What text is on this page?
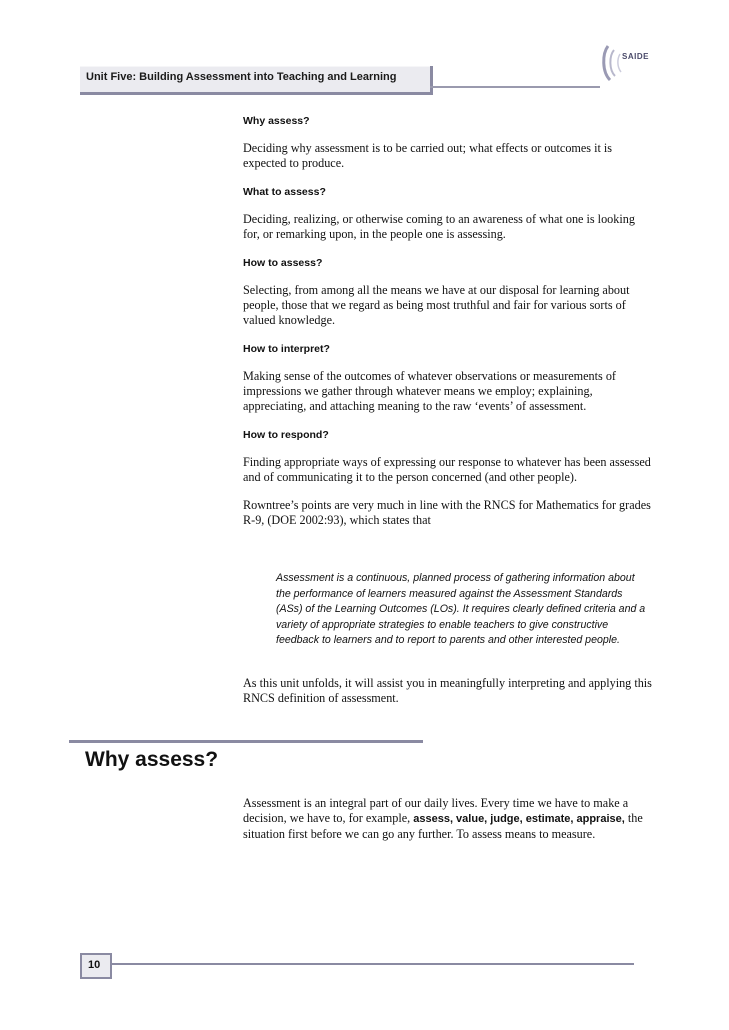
Unit Five: Building Assessment into Teaching and Learning
SAIDE

Why assess?

Deciding why assessment is to be carried out; what effects or outcomes it is expected to produce.

What to assess?

Deciding, realizing, or otherwise coming to an awareness of what one is looking for, or remarking upon, in the people one is assessing.

How to assess?

Selecting, from among all the means we have at our disposal for learning about people, those that we regard as being most truthful and fair for various sorts of valued knowledge.

How to interpret?

Making sense of the outcomes of whatever observations or measurements of impressions we gather through whatever means we employ; explaining, appreciating, and attaching meaning to the raw ‘events’ of assessment.

How to respond?

Finding appropriate ways of expressing our response to whatever has been assessed and of communicating it to the person concerned (and other people).

Rowntree’s points are very much in line with the RNCS for Mathematics for grades R-9, (DOE 2002:93), which states that

Assessment is a continuous, planned process of gathering information about the performance of learners measured against the Assessment Standards (ASs) of the Learning Outcomes (LOs). It requires clearly defined criteria and a variety of appropriate strategies to enable teachers to give constructive feedback to learners and to report to parents and other interested people.

As this unit unfolds, it will assist you in meaningfully interpreting and applying this RNCS definition of assessment.

Why assess?

Assessment is an integral part of our daily lives. Every time we have to make a decision, we have to, for example, assess, value, judge, estimate, appraise, the situation first before we can go any further. To assess means to measure.

10
